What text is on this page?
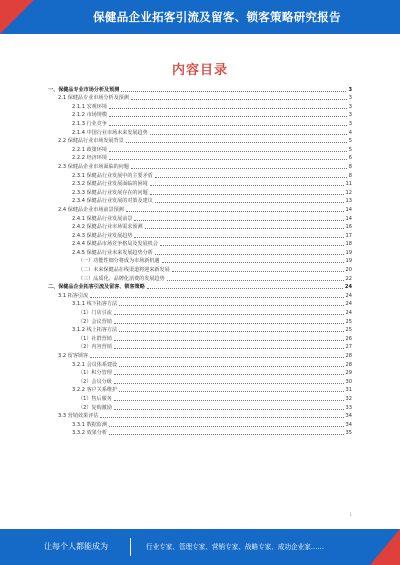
保健品企业拓客引流及留客、锁客策略研究报告
内容目录
一、保健品专业市场分析及预测	3
2.1 保健品专业市场分析及预测	3
2.1.1 宏观环境	3
2.1.2 市场规模	3
2.1.3 行业竞争	3
2.1.4 中国行业市场未来发展趋势	4
2.2 保健品行业市场发展背景	5
2.2.1 政策环境	5
2.2.2 经济环境	6
2.3 保健品企业市场面临的问题	8
2.3.1 保健品行业发展中的主要矛盾	8
2.3.2 保健品行业发展面临的困境	11
2.3.3 保健品行业发展存在的问题	12
2.3.4 保健品行业发展的对策及建议	13
2.4 保健品企业市场前景预测	14
2.4.1 保健品行业发展前景	14
2.4.2 保健品行业市场需求预测	16
2.4.3 保健品行业发展趋势	17
2.4.4 保健品市场竞争格局及发展机会	18
2.4.5 保健品行业未来发展趋势分析	19
（一）功能性细分将成为市场新机遇	19
（二）未来保健品在线渠道将迎来新发展	20
（三）品质化、品牌化消费的发展趋势	22
二、保健品企业拓客引流及留客、锁客策略	24
3.1 拓客引流	24
3.1.1 线下拓客方法	24
（1）门店引流	24
（2）会议营销	25
3.1.2 线上拓客方法	25
（1）社群营销	26
（2）内容营销	27
3.2 留客锁客	28
3.2.1 会员体系建设	28
（1）积分管理	29
（2）会员分级	30
3.2.2 客户关系维护	31
（1）售后服务	32
（2）复购激励	33
3.3 营销效果评估	34
3.3.1 数据监测	34
3.3.2 效果分析	35
1
让每个人都能成为	行业专家、管理专家、营销专家、战略专家、成功企业家……
